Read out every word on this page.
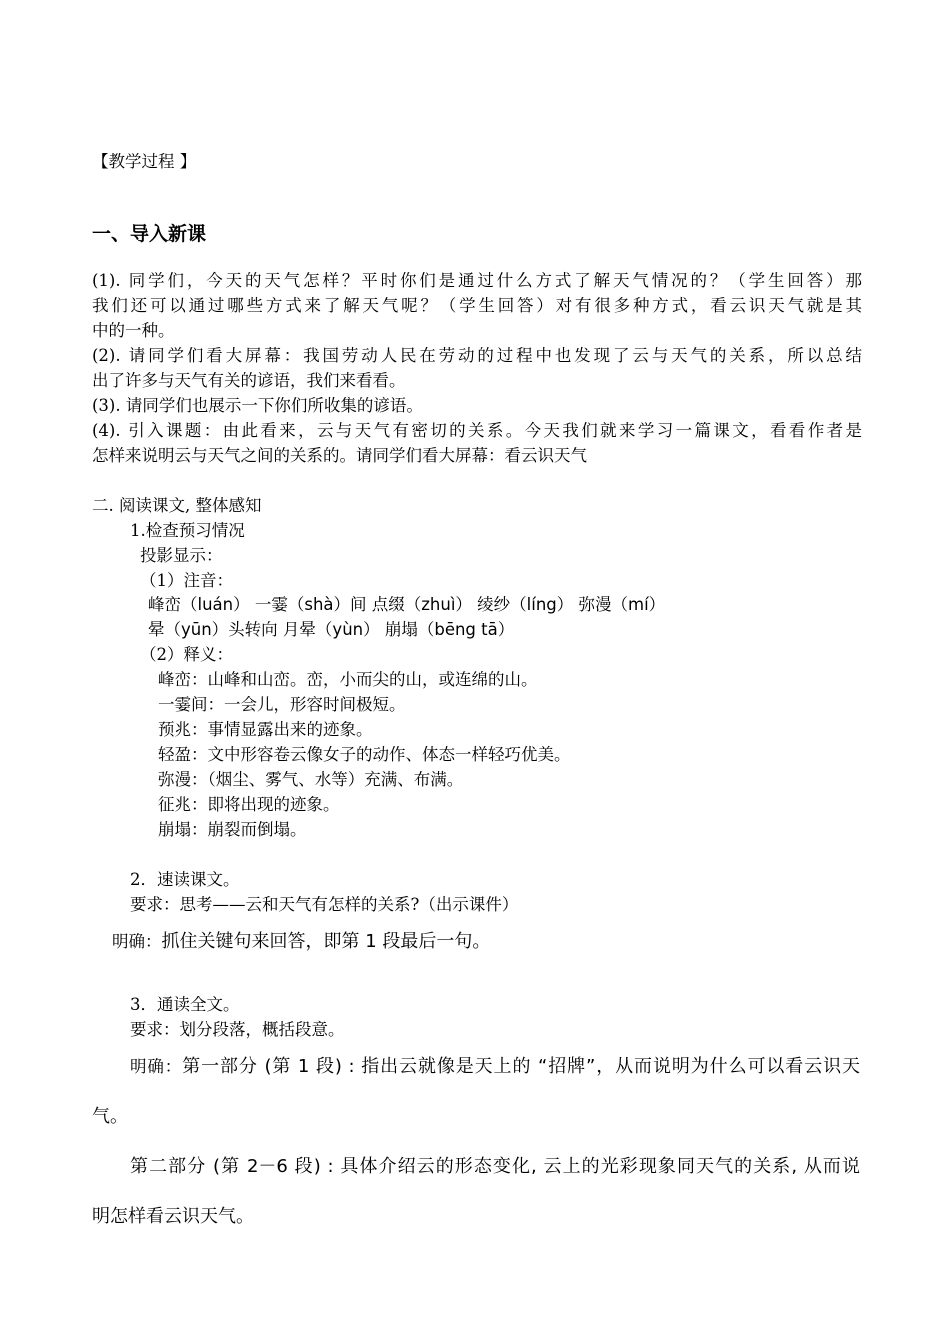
【教学过程 】
一、导入新课
(1). 同学们，今天的天气怎样？平时你们是通过什么方式了解天气情况的？（学生回答）那
我们还可以通过哪些方式来了解天气呢？（学生回答）对有很多种方式，看云识天气就是其
中的一种。
(2). 请同学们看大屏幕：我国劳动人民在劳动的过程中也发现了云与天气的关系，所以总结
出了许多与天气有关的谚语，我们来看看。
(3). 请同学们也展示一下你们所收集的谚语。
(4). 引入课题：由此看来，云与天气有密切的关系。今天我们就来学习一篇课文，看看作者是
怎样来说明云与天气之间的关系的。请同学们看大屏幕：看云识天气
二. 阅读课文, 整体感知
1.检查预习情况
投影显示：
（1）注音：
峰峦（luán） 一霎（shà）间 点缀（zhuì） 绫纱（líng） 弥漫（mí）
晕（yūn）头转向 月晕（yùn） 崩塌（bēng tā）
（2）释义：
峰峦：山峰和山峦。峦，小而尖的山，或连绵的山。
一霎间：一会儿，形容时间极短。
预兆：事情显露出来的迹象。
轻盈：文中形容卷云像女子的动作、体态一样轻巧优美。
弥漫：（烟尘、雾气、水等）充满、布满。
征兆：即将出现的迹象。
崩塌：崩裂而倒塌。
2．速读课文。
要求：思考——云和天气有怎样的关系?（出示课件）
明确：抓住关键句来回答，即第 1 段最后一句。
3．通读全文。
要求：划分段落，概括段意。
明确：第一部分 (第 1 段) : 指出云就像是天上的 “招牌”，从而说明为什么可以看云识天
气。
第二部分 (第 2－6 段) : 具体介绍云的形态变化, 云上的光彩现象同天气的关系, 从而说
明怎样看云识天气。
